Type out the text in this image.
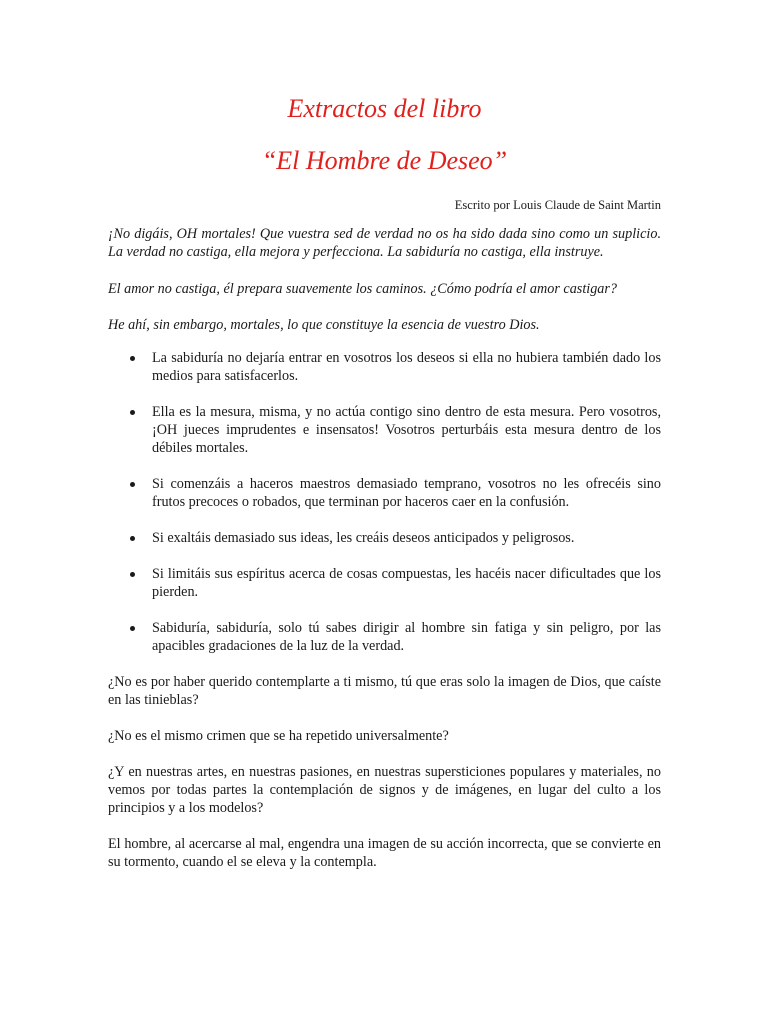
Extractos del libro
“El Hombre de Deseo”

Escrito por Louis Claude de Saint Martin

¡No digáis, OH mortales! Que vuestra sed de verdad no os ha sido dada sino como un suplicio. La verdad no castiga, ella mejora y perfecciona. La sabiduría no castiga, ella instruye.

El amor no castiga, él prepara suavemente los caminos. ¿Cómo podría el amor castigar?

He ahí, sin embargo, mortales, lo que constituye la esencia de vuestro Dios.

La sabiduría no dejaría entrar en vosotros los deseos si ella no hubiera también dado los medios para satisfacerlos.
Ella es la mesura, misma, y no actúa contigo sino dentro de esta mesura. Pero vosotros, ¡OH jueces imprudentes e insensatos! Vosotros perturbáis esta mesura dentro de los débiles mortales.
Si comenzáis a haceros maestros demasiado temprano, vosotros no les ofrecéis sino frutos precoces o robados, que terminan por haceros caer en la confusión.
Si exaltáis demasiado sus ideas, les creáis deseos anticipados y peligrosos.
Si limitáis sus espíritus acerca de cosas compuestas, les hacéis nacer dificultades que los pierden.
Sabiduría, sabiduría, solo tú sabes dirigir al hombre sin fatiga y sin peligro, por las apacibles gradaciones de la luz de la verdad.

¿No es por haber querido contemplarte a ti mismo, tú que eras solo la imagen de Dios, que caíste en las tinieblas?

¿No es el mismo crimen que se ha repetido universalmente?

¿Y en nuestras artes, en nuestras pasiones, en nuestras supersticiones populares y materiales, no vemos por todas partes la contemplación de signos y de imágenes, en lugar del culto a los principios y a los modelos?

El hombre, al acercarse al mal, engendra una imagen de su acción incorrecta, que se convierte en su tormento, cuando el se eleva y la contempla.
